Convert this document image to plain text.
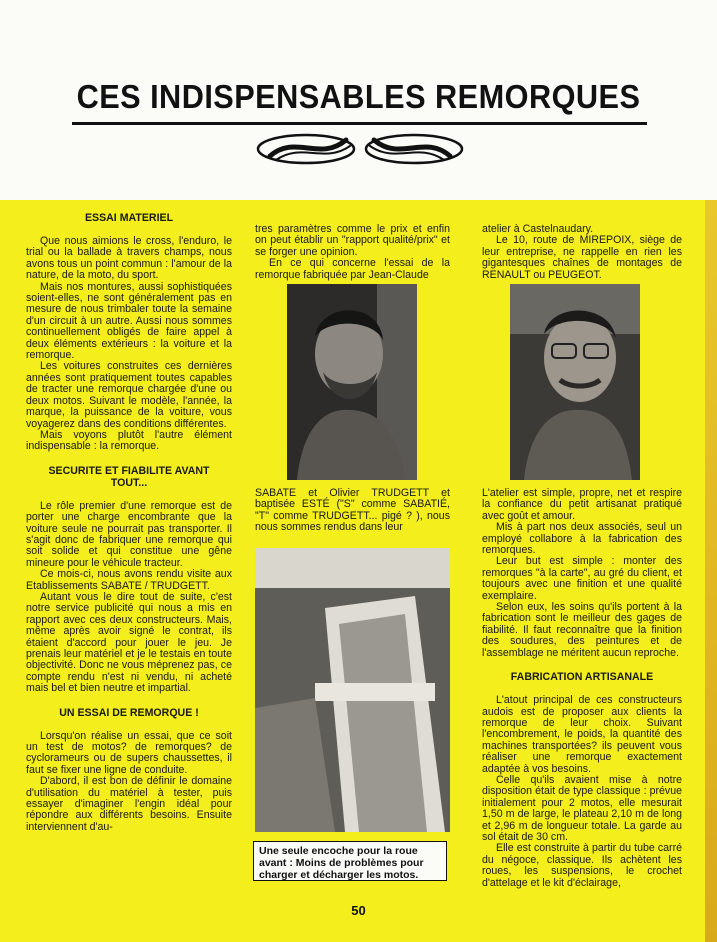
CES INDISPENSABLES REMORQUES
ESSAI MATERIEL

Que nous aimions le cross, l'enduro, le trial ou la ballade à travers champs, nous avons tous un point commun : l'amour de la nature, de la moto, du sport.

Mais nos montures, aussi sophistiquées soient-elles, ne sont généralement pas en mesure de nous trimbaler toute la semaine d'un circuit à un autre. Aussi nous sommes continuellement obligés de faire appel à deux éléments extérieurs : la voiture et la remorque.

Les voitures construites ces dernières années sont pratiquement toutes capables de tracter une remorque chargée d'une ou deux motos. Suivant le modèle, l'année, la marque, la puissance de la voiture, vous voyagerez dans des conditions différentes.

Mais voyons plutôt l'autre élément indispensable : la remorque.

SECURITE ET FIABILITE AVANT TOUT...

Le rôle premier d'une remorque est de porter une charge encombrante que la voiture seule ne pourrait pas transporter. Il s'agit donc de fabriquer une remorque qui soit solide et qui constitue une gêne mineure pour le véhicule tracteur.

Ce mois-ci, nous avons rendu visite aux Etablissements SABATE / TRUDGETT.

Autant vous le dire tout de suite, c'est notre service publicité qui nous a mis en rapport avec ces deux constructeurs. Mais, même après avoir signé le contrat, ils étaient d'accord pour jouer le jeu. Je prenais leur matériel et je le testais en toute objectivité. Donc ne vous méprenez pas, ce compte rendu n'est ni vendu, ni acheté mais bel et bien neutre et impartial.

UN ESSAI DE REMORQUE !

Lorsqu'on réalise un essai, que ce soit un test de motos? de remorques? de cyclorameurs ou de supers chaussettes, il faut se fixer une ligne de conduite.

D'abord, il est bon de définir le domaine d'utilisation du matériel à tester, puis essayer d'imaginer l'engin idéal pour répondre aux différents besoins. Ensuite interviennent d'au-

tres paramètres comme le prix et enfin on peut établir un "rapport qualité/prix" et se forger une opinion.

En ce qui concerne l'essai de la remorque fabriquée par Jean-Claude

SABATE et Olivier TRUDGETT et baptisée ESTÉ ("S" comme SABATIÉ, "T" comme TRUDGETT... pigé ? ), nous nous sommes rendus dans leur

Une seule encoche pour la roue avant : Moins de problèmes pour charger et décharger les motos.

atelier à Castelnaudary.

Le 10, route de MIREPOIX, siège de leur entreprise, ne rappelle en rien les gigantesques chaînes de montages de RENAULT ou PEUGEOT.

L'atelier est simple, propre, net et respire la confiance du petit artisanat pratiqué avec goût et amour.

Mis à part nos deux associés, seul un employé collabore à la fabrication des remorques.

Leur but est simple : monter des remorques "à la carte", au gré du client, et toujours avec une finition et une qualité exemplaire.

Selon eux, les soins qu'ils portent à la fabrication sont le meilleur des gages de fiabilité. Il faut reconnaître que la finition des soudures, des peintures et de l'assemblage ne méritent aucun reproche.

FABRICATION ARTISANALE

L'atout principal de ces constructeurs audois est de proposer aux clients la remorque de leur choix. Suivant l'encombrement, le poids, la quantité des machines transportées? ils peuvent vous réaliser une remorque exactement adaptée à vos besoins.

Celle qu'ils avaient mise à notre disposition était de type classique : prévue initialement pour 2 motos, elle mesurait 1,50 m de large, le plateau 2,10 m de long et 2,96 m de longueur totale. La garde au sol était de 30 cm.

Elle est construite à partir du tube carré du négoce, classique. Ils achètent les roues, les suspensions, le crochet d'attelage et le kit d'éclairage,

50
